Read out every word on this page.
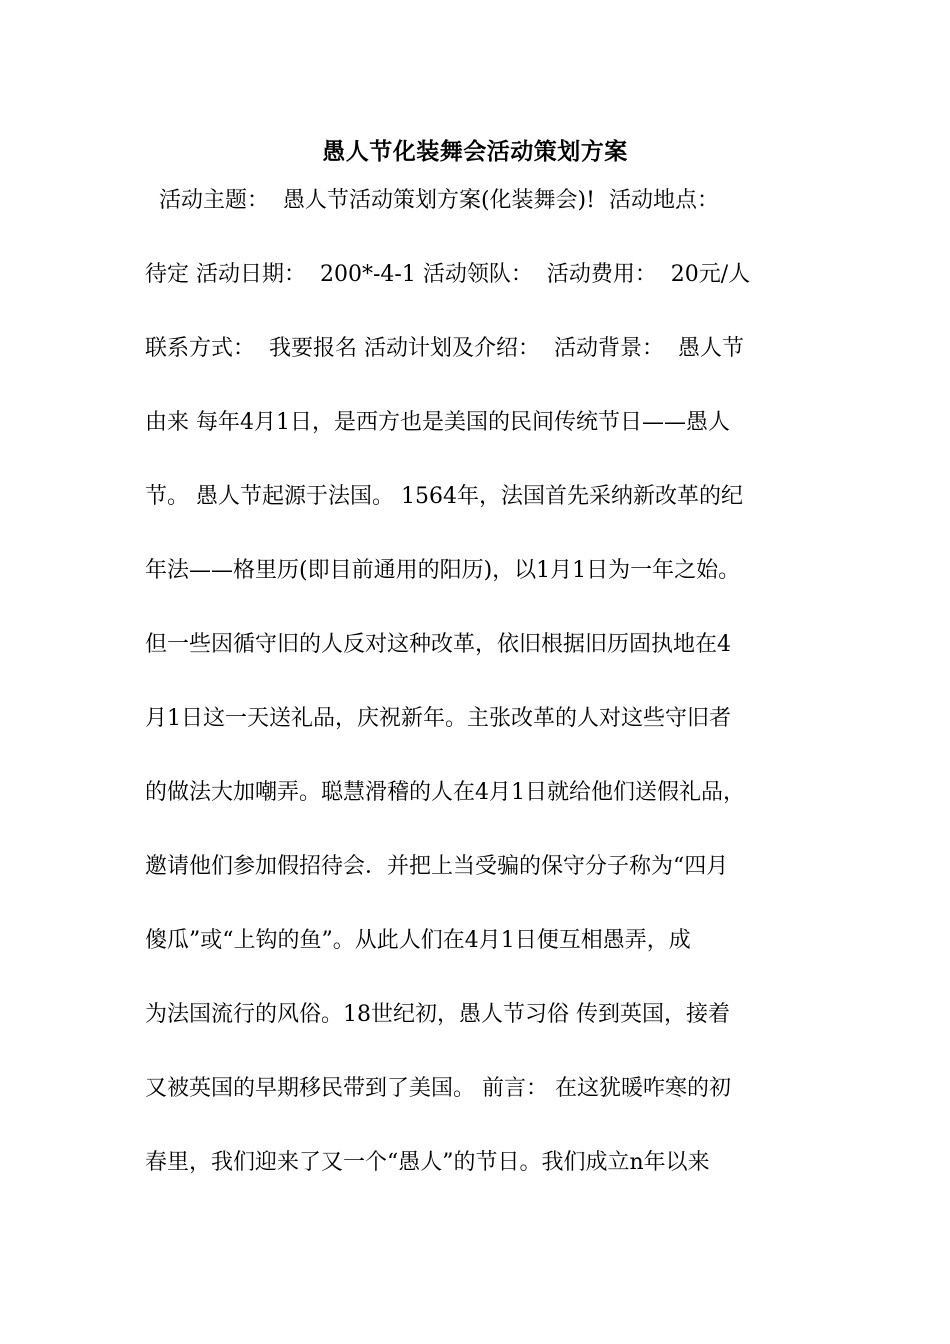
愚人节化装舞会活动策划方案
活动主题：  愚人节活动策划方案(化装舞会)!  活动地点：
待定 活动日期：  200*-4-1 活动领队：  活动费用：  20元/人
联系方式：  我要报名 活动计划及介绍：  活动背景：  愚人节
由来 每年4月1日，是西方也是美国的民间传统节日——愚人
节。 愚人节起源于法国。 1564年，法国首先采纳新改革的纪
年法——格里历(即目前通用的阳历)，以1月1日为一年之始。
但一些因循守旧的人反对这种改革，依旧根据旧历固执地在4
月1日这一天送礼品，庆祝新年。主张改革的人对这些守旧者
的做法大加嘲弄。聪慧滑稽的人在4月1日就给他们送假礼品，
邀请他们参加假招待会．并把上当受骗的保守分子称为“四月
傻瓜”或“上钩的鱼”。从此人们在4月1日便互相愚弄，成
为法国流行的风俗。18世纪初，愚人节习俗 传到英国，接着
又被英国的早期移民带到了美国。 前言： 在这犹暖咋寒的初
春里，我们迎来了又一个“愚人”的节日。我们成立n年以来
